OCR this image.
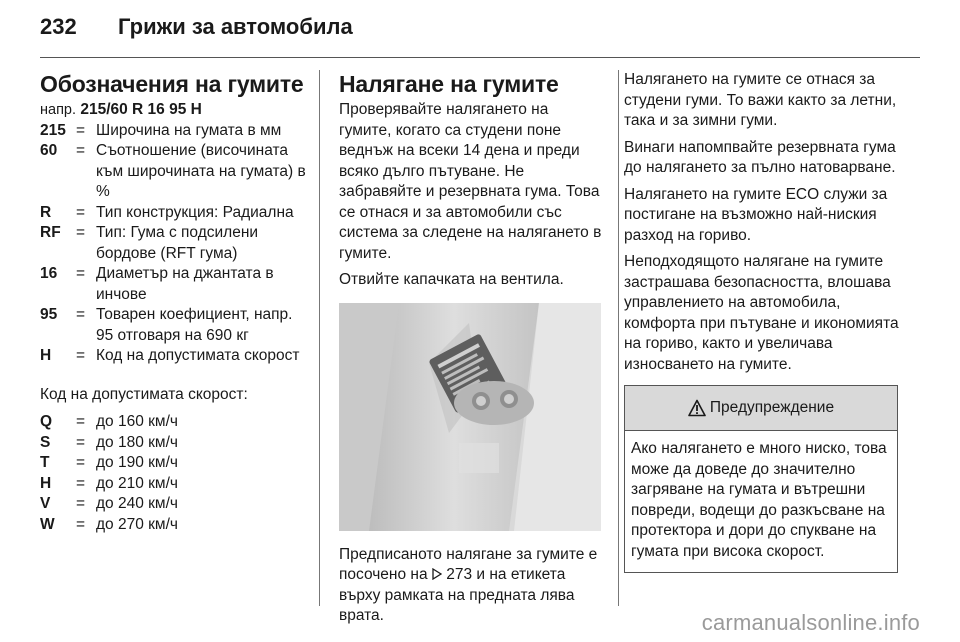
232	Грижи за автомобила
Обозначения на гумите

напр. 215/60 R 16 95 H

215 = Широчина на гумата в мм
60	= Съотношение (височината към широчината на гумата) в %
R	= Тип конструкция: Радиална
RF = Тип: Гума с подсилени бордове (RFT гума)
16	= Диаметър на джантата в инчове
95	= Товарен коефициент, напр. 95 отговаря на 690 кг
H	= Код на допустимата скорост

Код на допустимата скорост:

Q	= до 160 км/ч
S	= до 180 км/ч
T	= до 190 км/ч
H	= до 210 км/ч
V	= до 240 км/ч
W	= до 270 км/ч
Налягане на гумите

Проверявайте налягането на гумите, когато са студени поне веднъж на всеки 14 дена и преди всяко дълго пътуване. Не забравяйте и резервната гума. Това се отнася и за автомобили със система за следене на налягането в гумите.

Отвийте капачката на вентила.

Предписаното налягане за гумите е посочено на 273 и на етикета върху рамката на предната лява врата.

Налягането на гумите се отнася за студени гуми. То важи както за летни, така и за зимни гуми.

Винаги напомпвайте резервната гума до налягането за пълно натоварване.

Налягането на гумите ECO служи за постигане на възможно най-ниския разход на гориво.

Неподходящото налягане на гумите застрашава безопасността, влошава управлението на автомобила, комфорта при пътуване и икономията на гориво, както и увеличава износването на гумите.

Предупреждение

Ако налягането е много ниско, това може да доведе до значително загряване на гумата и вътрешни повреди, водещи до разкъсване на протектора и дори до спукване на гумата при висока скорост.

carmanualsonline.info
